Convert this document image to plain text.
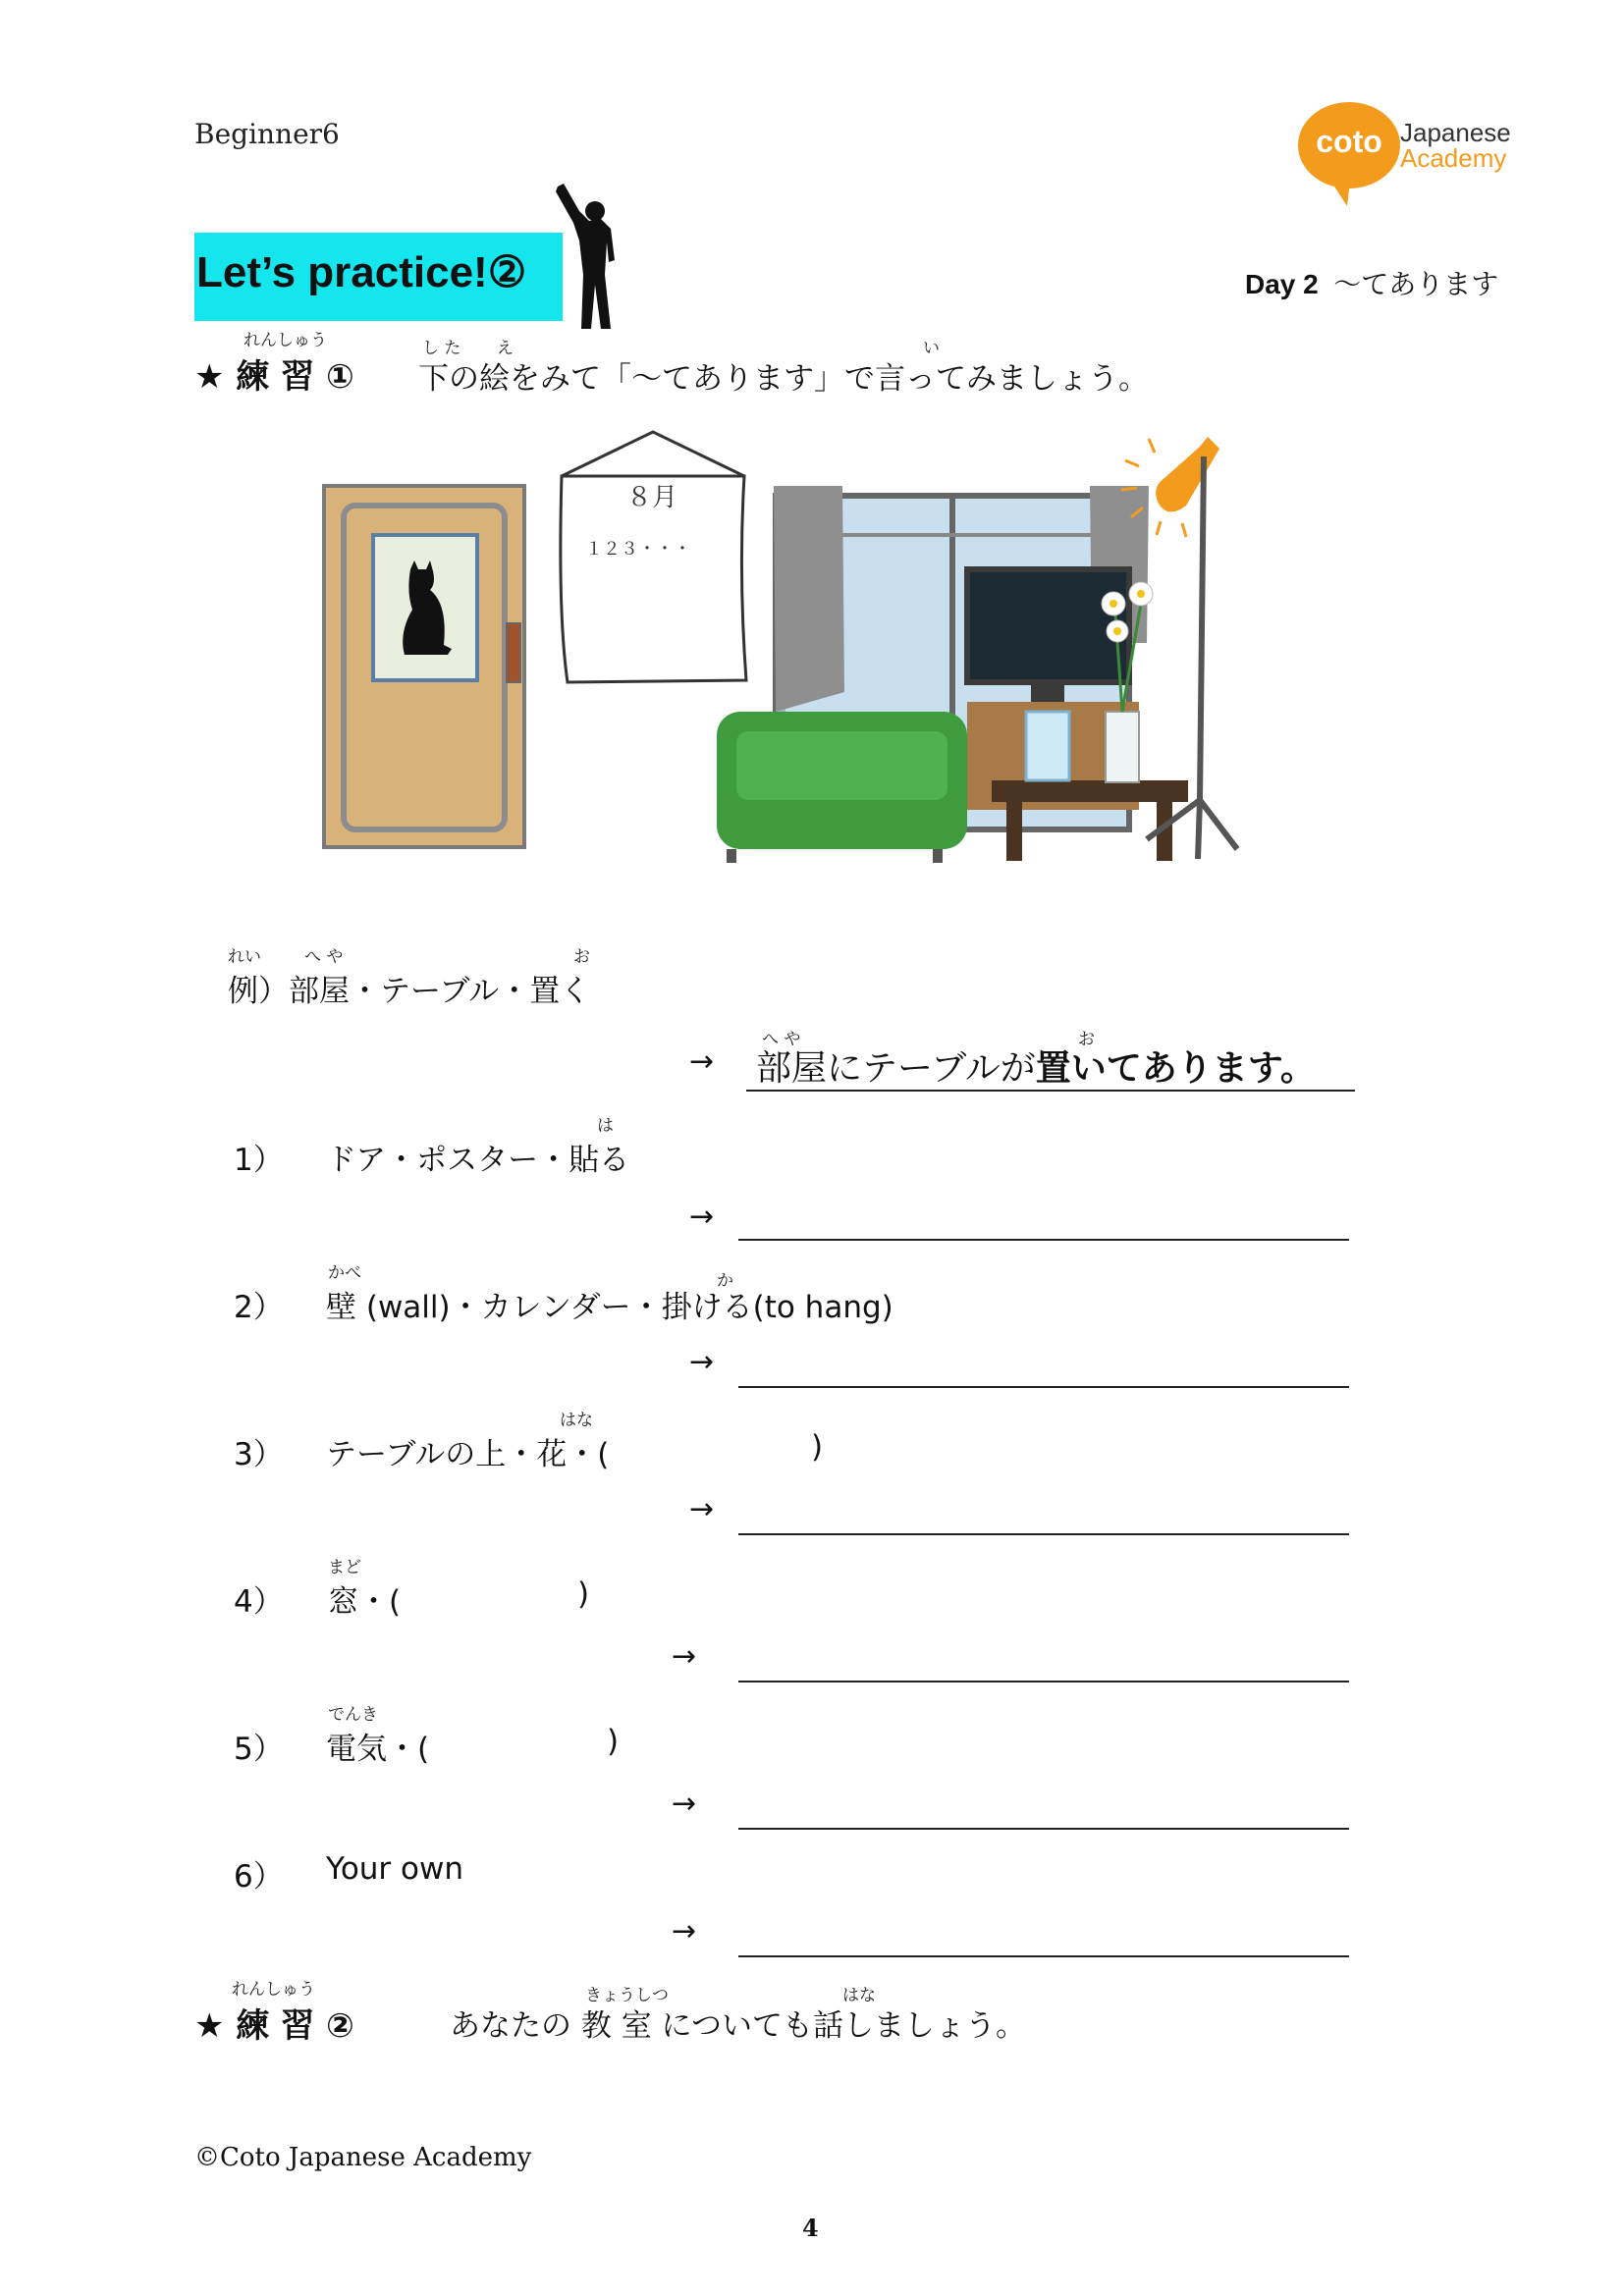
Beginner6	coto Japanese
Academy
Let’s practice!②	Day 2 ～てあります
れんしゅう
★ 練 習 ①
し た え	い
下の絵をみて「～てあります」で言ってみましょう。
８月
１２３・・・
れい	へ や	お
例）部屋・テーブル・置く
→
へ や	お
部屋にテーブルが置いてあります。
1）
は
ドア・ポスター・貼る
→
2）
かべ	か
壁 (wall)・カレンダー・掛ける(to hang)
→
3）
はな
テーブルの上・花・(	)
→
4）
まど
窓・(	)
→
5）
でんき
電気・(	)
→
6） Your own
→
れんしゅう
★ 練 習 ②
きょうしつ	はな
あなたの 教 室 についても話しましょう。
©Coto Japanese Academy
4
